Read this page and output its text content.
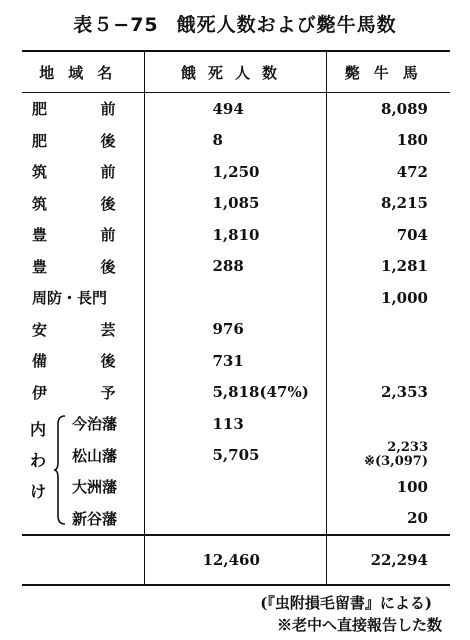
表５−75 餓死人数および斃牛馬数
地域名	餓死人数	斃牛馬

肥 前	494	8,089

肥 後	8	180

筑 前	1,250	472

筑 後	1,085	8,215

豊 前	1,810	704

豊 後	288	1,281

周防・長門		1,000

安 芸	976	

備 後	731	

伊 予	5,818(47%)	2,353

内わけ
今治藩	113	
松山藩	5,705	2,233
※(3,097)

大洲藩		100
新谷藩		20
	12,460	22,294
(『虫附損毛留書』による)
※老中へ直接報告した数
